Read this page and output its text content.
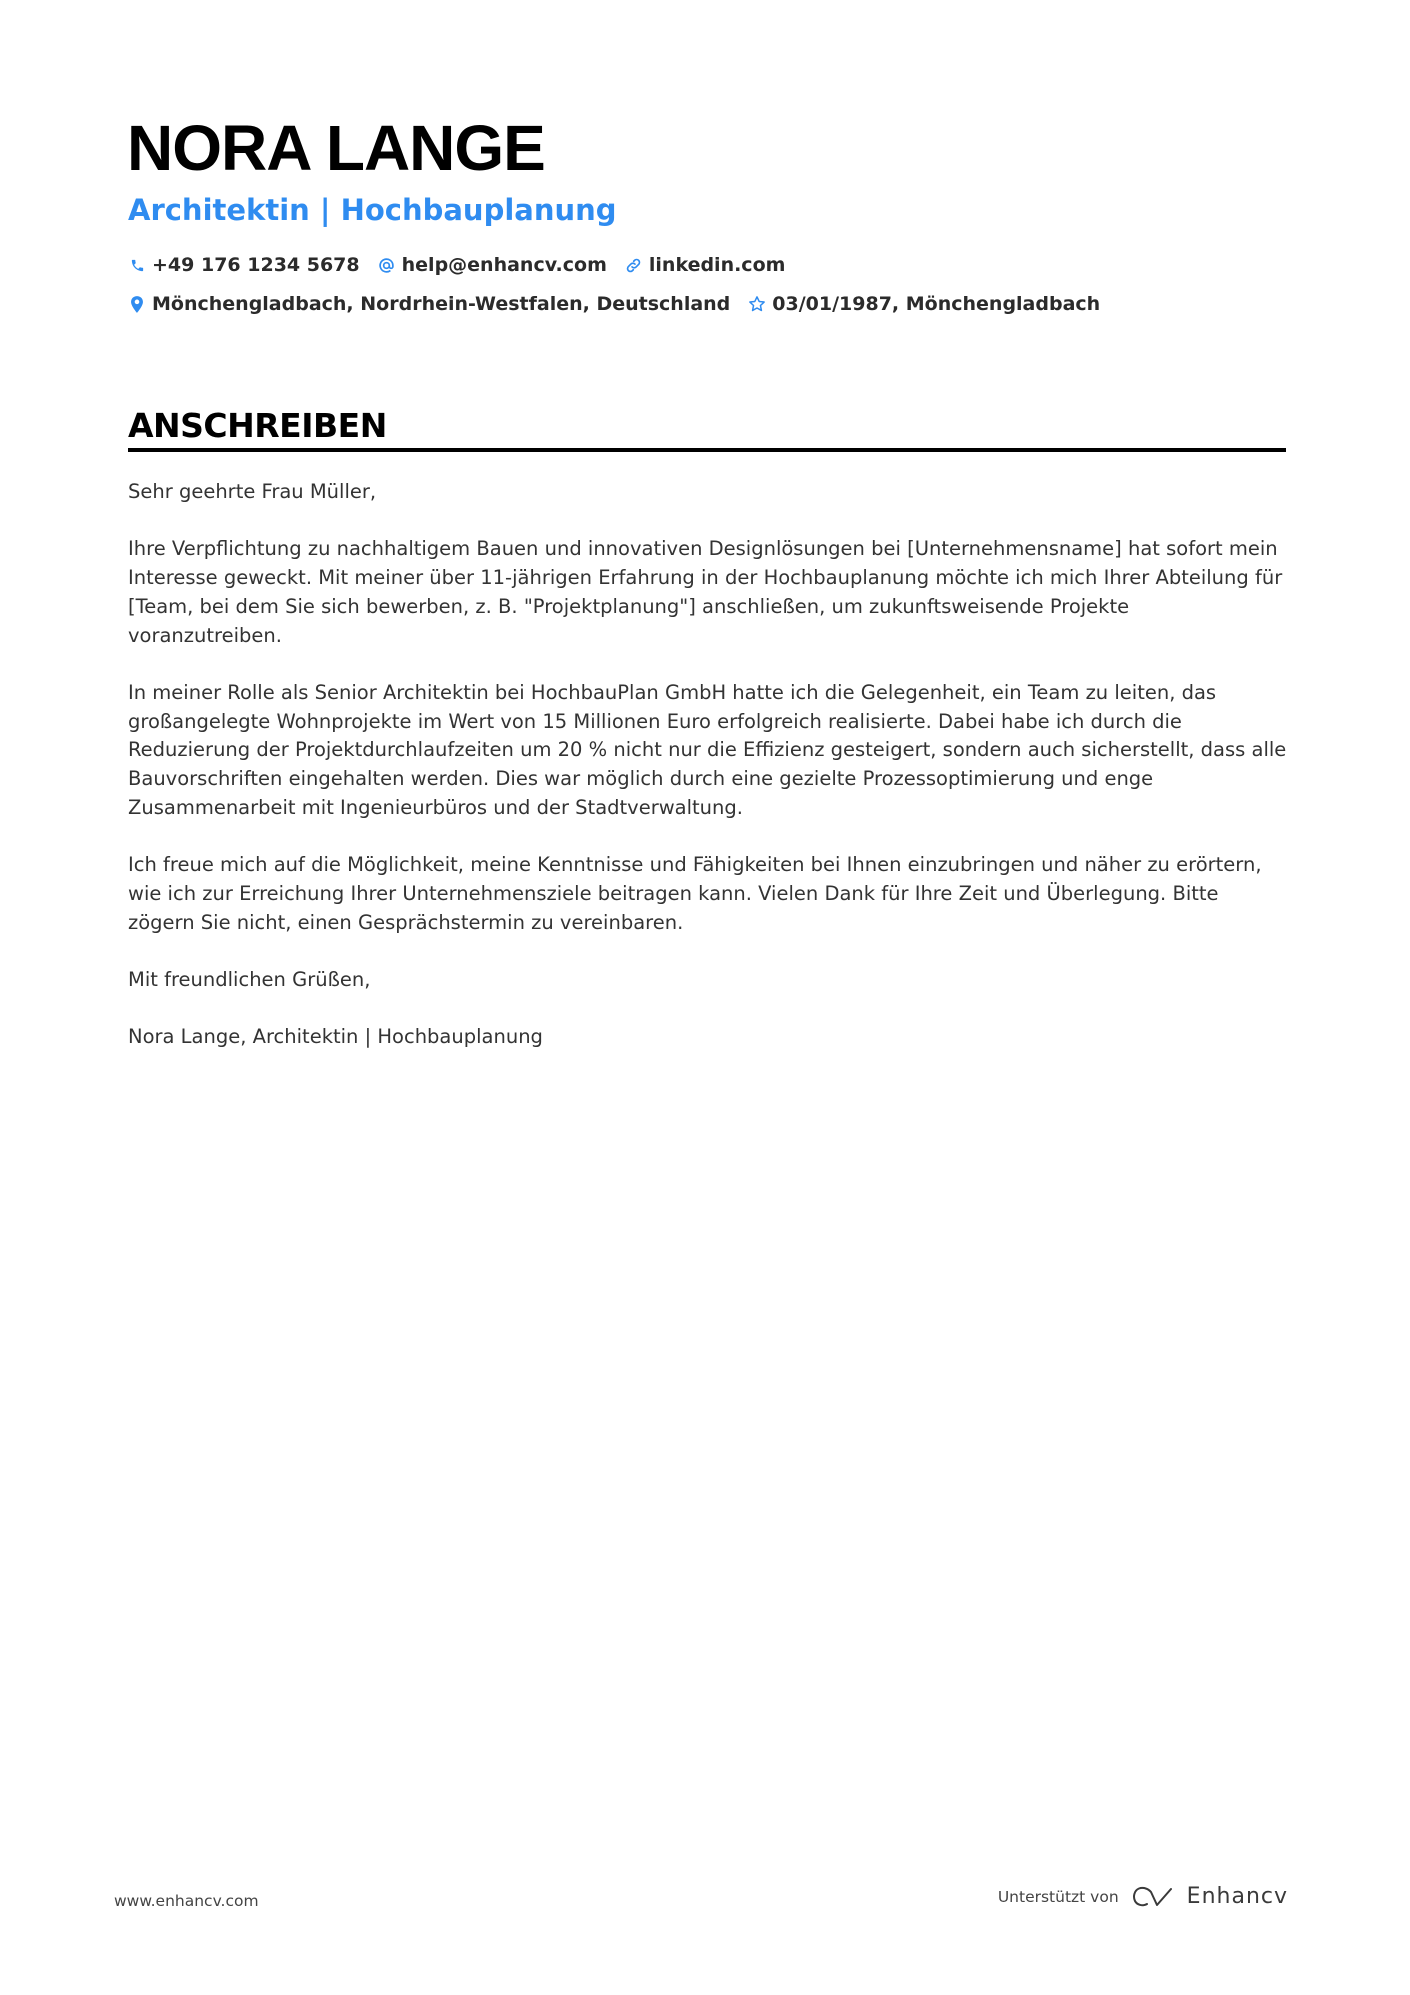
NORA LANGE
Architektin | Hochbauplanung
+49 176 1234 5678 help@enhancv.com linkedin.com
Mönchengladbach, Nordrhein-Westfalen, Deutschland 03/01/1987, Mönchengladbach
ANSCHREIBEN

Sehr geehrte Frau Müller,

Ihre Verpflichtung zu nachhaltigem Bauen und innovativen Designlösungen bei [Unternehmensname] hat sofort mein Interesse geweckt. Mit meiner über 11-jährigen Erfahrung in der Hochbauplanung möchte ich mich Ihrer Abteilung für [Team, bei dem Sie sich bewerben, z. B. "Projektplanung"] anschließen, um zukunftsweisende Projekte voranzutreiben.

In meiner Rolle als Senior Architektin bei HochbauPlan GmbH hatte ich die Gelegenheit, ein Team zu leiten, das großangelegte Wohnprojekte im Wert von 15 Millionen Euro erfolgreich realisierte. Dabei habe ich durch die Reduzierung der Projektdurchlaufzeiten um 20 % nicht nur die Effizienz gesteigert, sondern auch sicherstellt, dass alle Bauvorschriften eingehalten werden. Dies war möglich durch eine gezielte Prozessoptimierung und enge Zusammenarbeit mit Ingenieurbüros und der Stadtverwaltung.

Ich freue mich auf die Möglichkeit, meine Kenntnisse und Fähigkeiten bei Ihnen einzubringen und näher zu erörtern, wie ich zur Erreichung Ihrer Unternehmensziele beitragen kann. Vielen Dank für Ihre Zeit und Überlegung. Bitte zögern Sie nicht, einen Gesprächstermin zu vereinbaren.

Mit freundlichen Grüßen,

Nora Lange, Architektin | Hochbauplanung

www.enhancv.com	Unterstützt von	Enhancv
